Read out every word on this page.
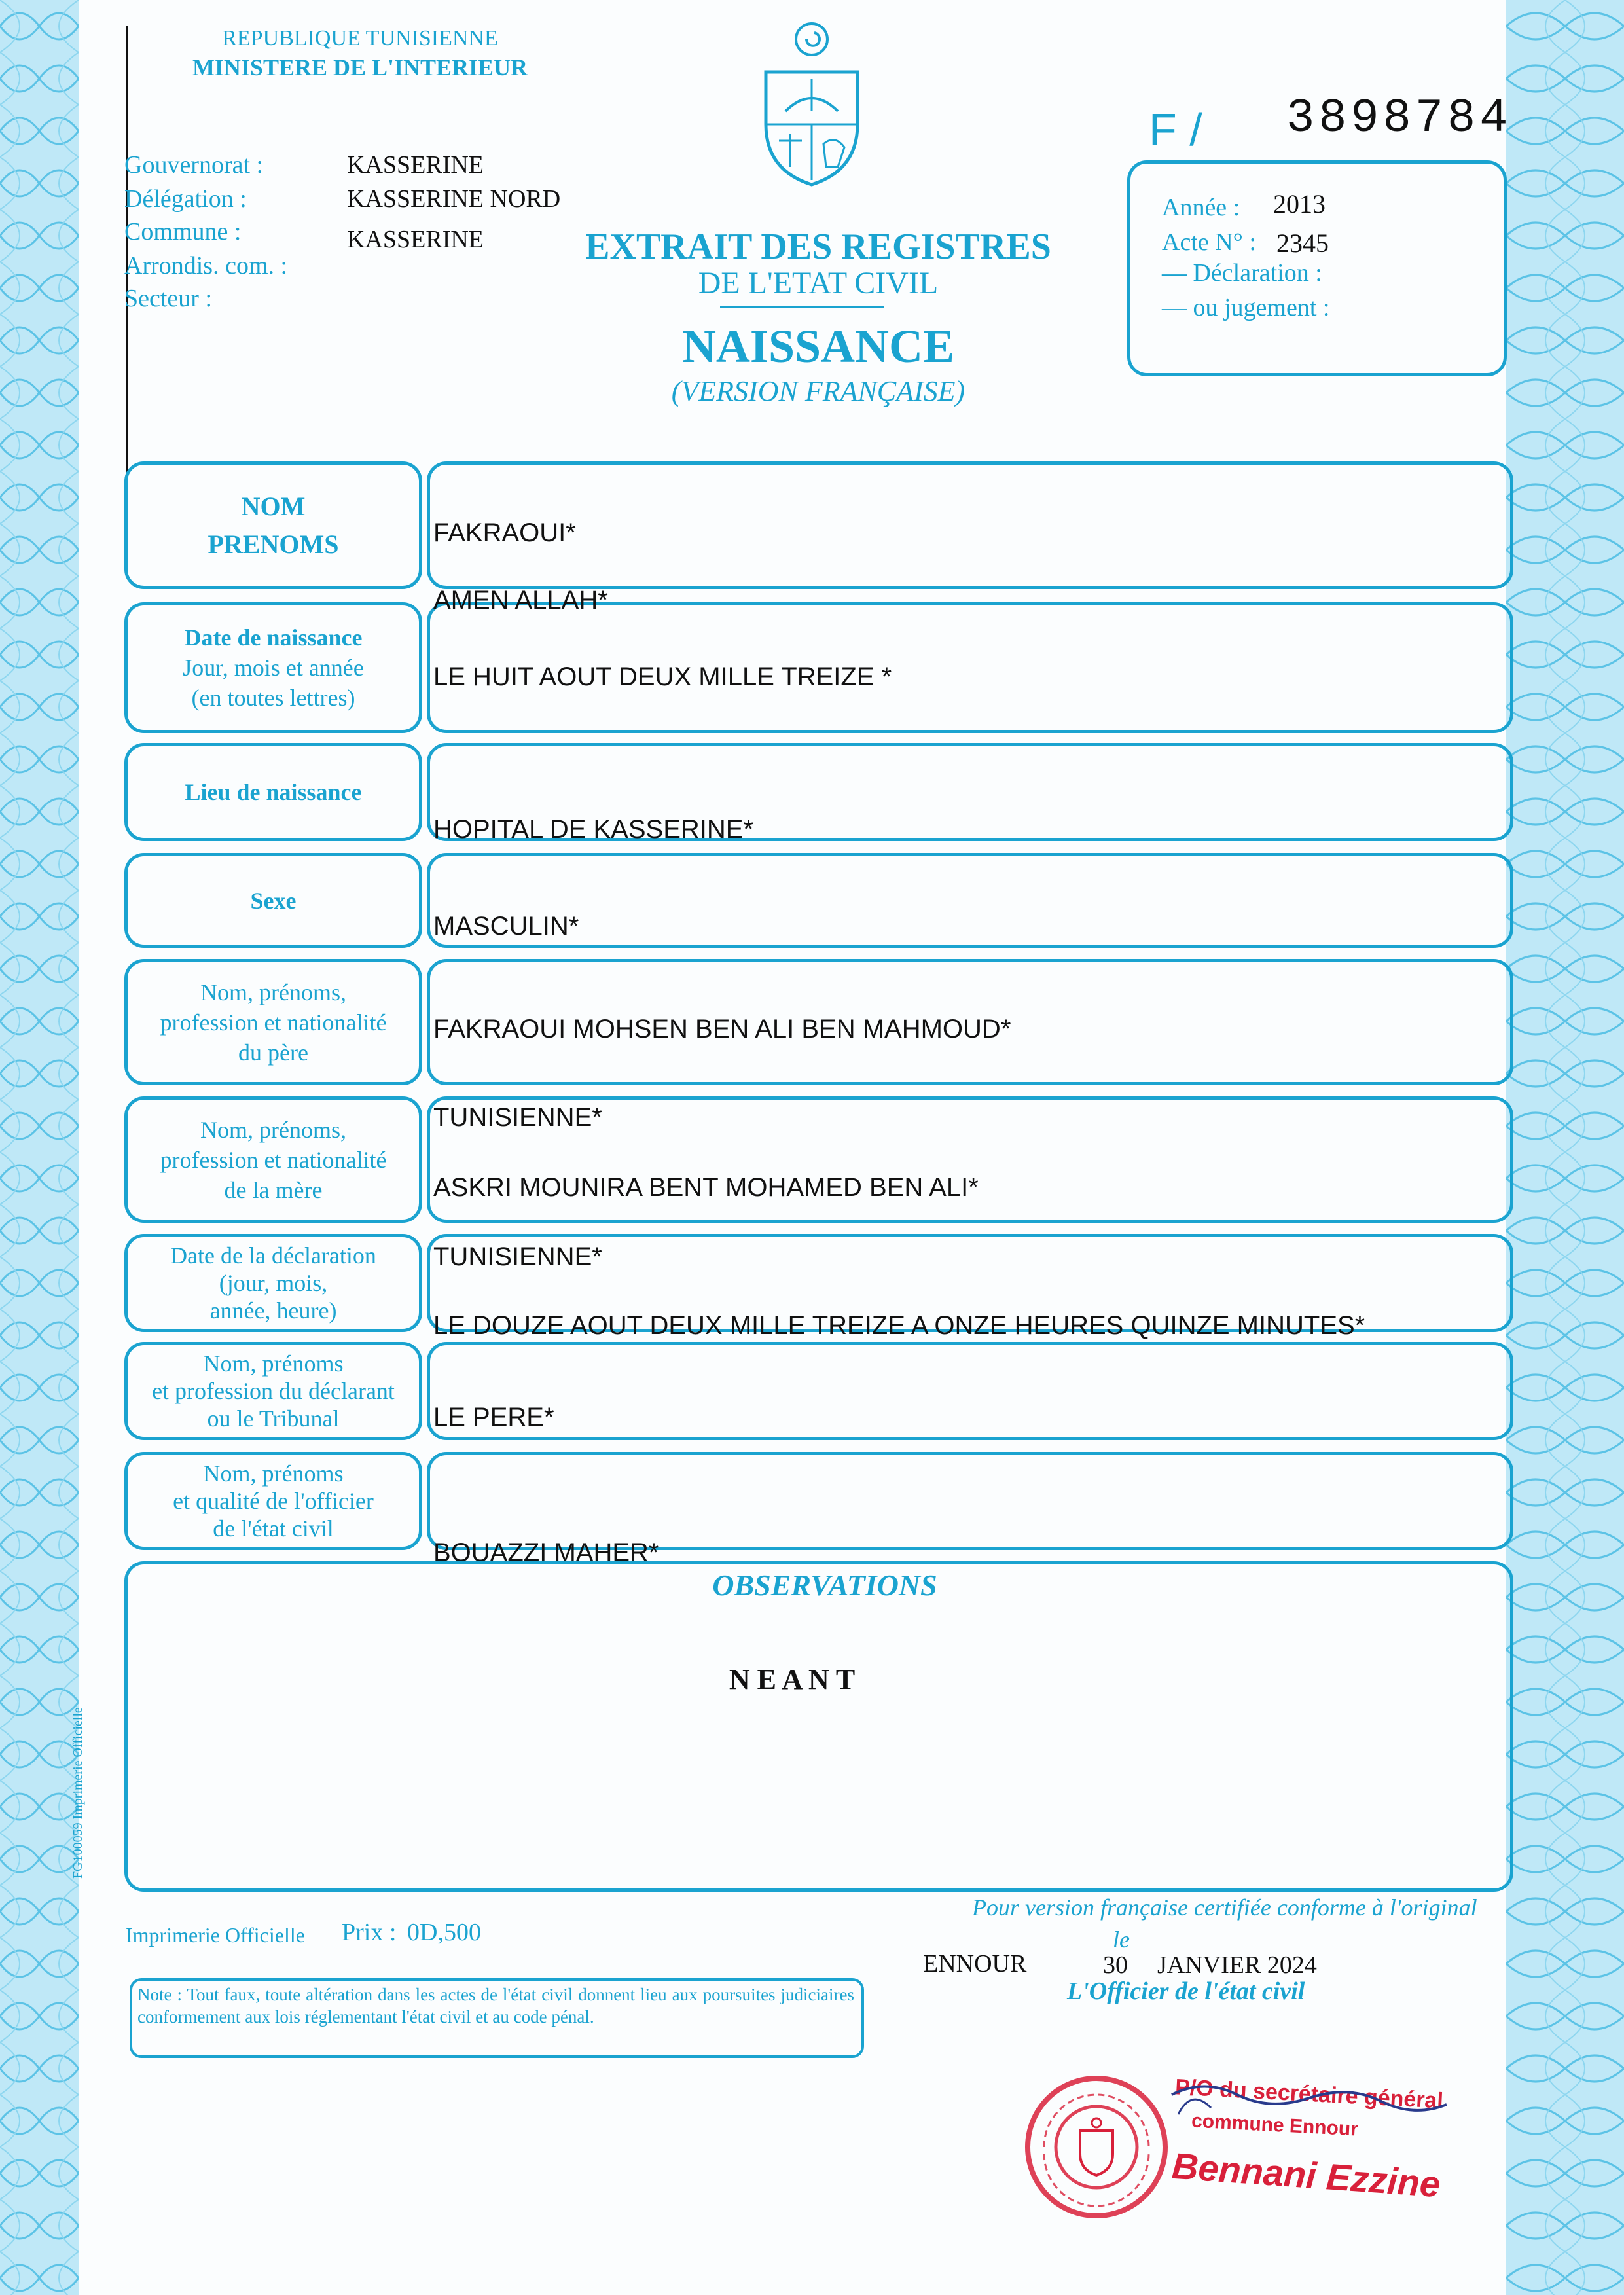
REPUBLIQUE TUNISIENNE
MINISTERE DE L'INTERIEUR
F / 3898784
Gouvernorat :
Délégation :
Commune :
Arrondis. com. :
Secteur :
KASSERINE
KASSERINE NORD
KASSERINE	EXTRAIT DES REGISTRES
DE L'ETAT CIVIL
NAISSANCE
(VERSION FRANÇAISE)
Année : 2013
Acte N° : 2345
— Déclaration :
— ou jugement :
NOM
PRENOMS
Date de naissance
Jour, mois et année
(en toutes lettres)
Lieu de naissance
Sexe
Nom, prénoms,
profession et nationalité
du père
Nom, prénoms,
profession et nationalité
de la mère
Date de la déclaration
(jour, mois,
année, heure)
Nom, prénoms
et profession du déclarant
ou le Tribunal
Nom, prénoms
et qualité de l'officier
de l'état civil
FAKRAOUI*
AMEN ALLAH*
LE HUIT AOUT DEUX MILLE TREIZE *
HOPITAL DE KASSERINE*
MASCULIN*
FAKRAOUI MOHSEN BEN ALI BEN MAHMOUD*
TUNISIENNE*
ASKRI MOUNIRA BENT MOHAMED BEN ALI*
TUNISIENNE*
LE DOUZE AOUT DEUX MILLE TREIZE A ONZE HEURES QUINZE MINUTES*
LE PERE*
BOUAZZI MAHER*
OBSERVATIONS
N E A N T
FG100059 Imprimerie Officielle
Imprimerie Officielle Prix : 0D,500
Pour version française certifiée conforme à l'original
le
ENNOUR	30 JANVIER 2024
L'Officier de l'état civil
Note : Tout faux, toute altération dans les actes de l'état civil donnent lieu aux poursuites judiciaires conformement aux lois réglementant l'état civil et au code pénal.
P/O du secrétaire général
commune Ennour
Bennani Ezzine
